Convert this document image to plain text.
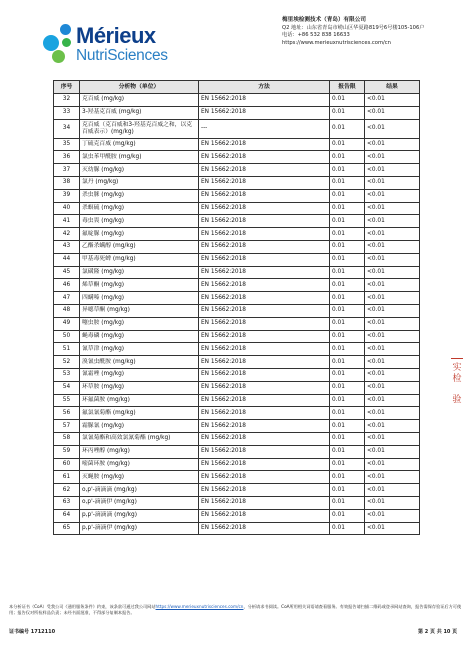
Mérieux
NutriSciences
梅里埃检测技术（青岛）有限公司
Q2 地址：山东省青岛市崂山区华夏路819号6号楼105-106户
电话：+86 532 838 16633
https://www.merieuxnutrisciences.com/cn
序号	分析物（单位）	方法	报告限	结果
32	克百威 (mg/kg)	EN 15662:2018	0.01	<0.01
33	3-羟基克百威 (mg/kg)	EN 15662:2018	0.01	<0.01
34	克百威（克百威和3-羟基克百威之和，以克百威表示）(mg/kg)	---	0.01	<0.01
35	丁硫克百威 (mg/kg)	EN 15662:2018	0.01	<0.01
36	氯虫苯甲酰胺 (mg/kg)	EN 15662:2018	0.01	<0.01
37	灭幼脲 (mg/kg)	EN 15662:2018	0.01	<0.01
38	氯丹 (mg/kg)	EN 15662:2018	0.01	<0.01
39	杀虫脒 (mg/kg)	EN 15662:2018	0.01	<0.01
40	杀螟硫 (mg/kg)	EN 15662:2018	0.01	<0.01
41	毒虫畏 (mg/kg)	EN 15662:2018	0.01	<0.01
42	氟啶脲 (mg/kg)	EN 15662:2018	0.01	<0.01
43	乙酯杀螨醇 (mg/kg)	EN 15662:2018	0.01	<0.01
44	甲基毒死蜱 (mg/kg)	EN 15662:2018	0.01	<0.01
45	氯磺隆 (mg/kg)	EN 15662:2018	0.01	<0.01
46	烯草酮 (mg/kg)	EN 15662:2018	0.01	<0.01
47	四螨嗪 (mg/kg)	EN 15662:2018	0.01	<0.01
48	异噁草酮 (mg/kg)	EN 15662:2018	0.01	<0.01
49	噻虫胺 (mg/kg)	EN 15662:2018	0.01	<0.01
50	蝇毒磷 (mg/kg)	EN 15662:2018	0.01	<0.01
51	氰草津 (mg/kg)	EN 15662:2018	0.01	<0.01
52	溴氰虫酰胺 (mg/kg)	EN 15662:2018	0.01	<0.01
53	氰霜唑 (mg/kg)	EN 15662:2018	0.01	<0.01
54	环草胺 (mg/kg)	EN 15662:2018	0.01	<0.01
55	环氟菌胺 (mg/kg)	EN 15662:2018	0.01	<0.01
56	氟氯氰菊酯 (mg/kg)	EN 15662:2018	0.01	<0.01
57	霜脲氰 (mg/kg)	EN 15662:2018	0.01	<0.01
58	氯氰菊酯和高效氯氰菊酯 (mg/kg)	EN 15662:2018	0.01	<0.01
59	环丙唑醇 (mg/kg)	EN 15662:2018	0.01	<0.01
60	嘧菌环胺 (mg/kg)	EN 15662:2018	0.01	<0.01
61	灭蝇胺 (mg/kg)	EN 15662:2018	0.01	<0.01
62	o,p'-滴滴滴 (mg/kg)	EN 15662:2018	0.01	<0.01
63	o,p'-滴滴伊 (mg/kg)	EN 15662:2018	0.01	<0.01
64	p,p'-滴滴滴 (mg/kg)	EN 15662:2018	0.01	<0.01
65	p,p'-滴滴伊 (mg/kg)	EN 15662:2018	0.01	<0.01
实检
验
本分析证书（CoA）受我公司《通用服务条件》约束，该条款可通过我公司网站https://www.merieuxnutrisciences.com/cn，分析请求书阅读。CoA所用相关词语请查看服务。有效报告请扫描二维码或登录网站查询，报告需保存验证后方可使用；报告仅对所检样品负责；未经书面批准，不得部分复制本报告。
证书编号 1712110	第 2 页 共 10 页
